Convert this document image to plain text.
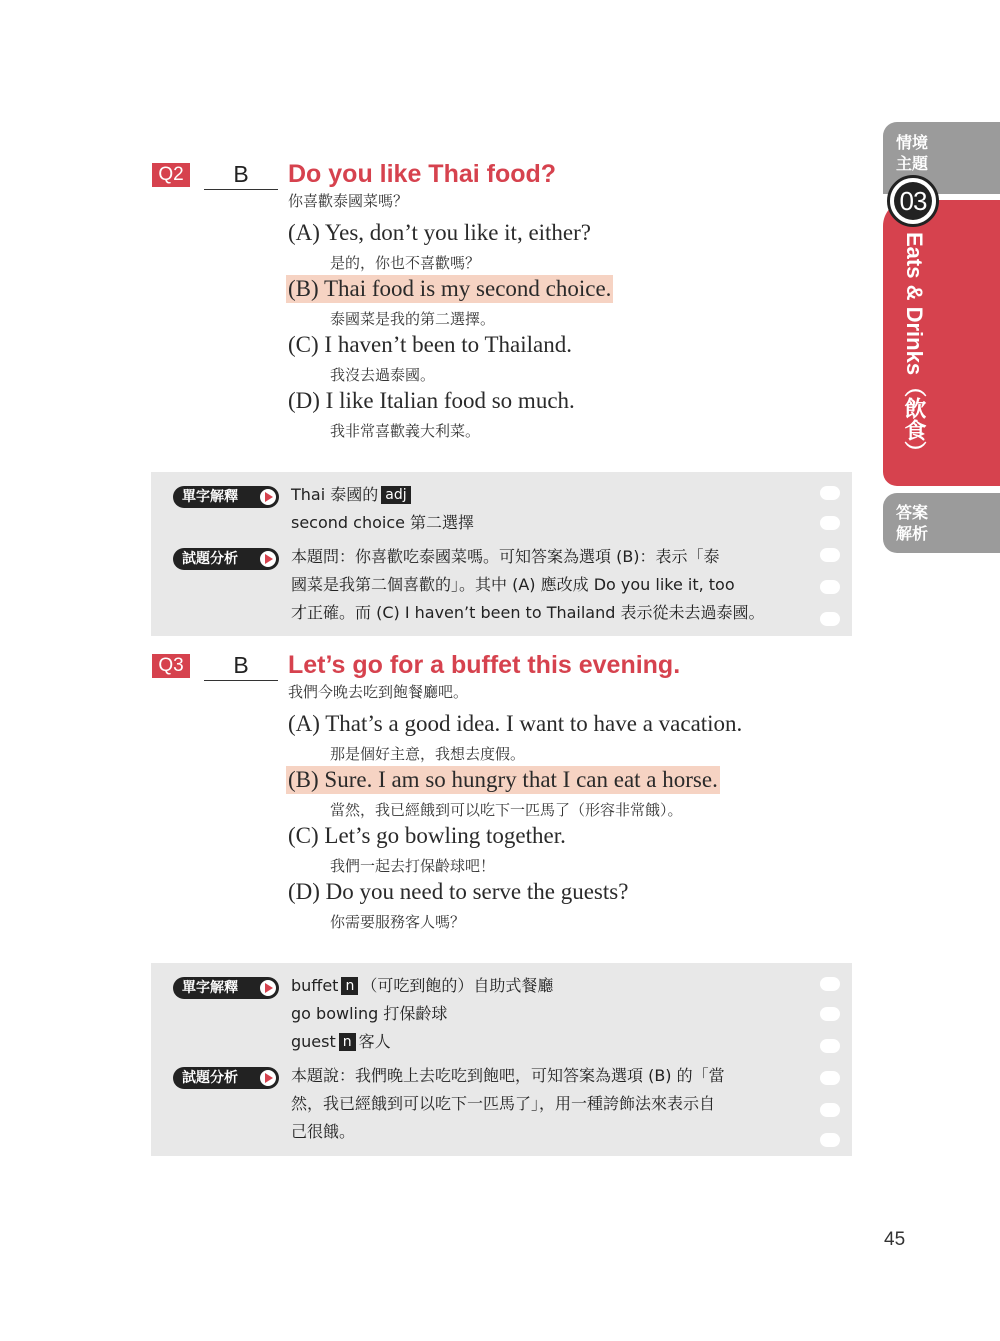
Q2	B	Do you like Thai food?
你喜歡泰國菜嗎？
(A) Yes, don’t you like it, either?
是的，你也不喜歡嗎？
(B) Thai food is my second choice.
泰國菜是我的第二選擇。
(C) I haven’t been to Thailand.
我沒去過泰國。
(D) I like Italian food so much.
我非常喜歡義大利菜。
單字解釋	Thai 泰國的 adj
second choice 第二選擇
試題分析	本題問：你喜歡吃泰國菜嗎。可知答案為選項 (B)：表示「泰
國菜是我第二個喜歡的」。其中 (A) 應改成 Do you like it, too
才正確。而 (C) I haven’t been to Thailand 表示從未去過泰國。
Q3	B	Let’s go for a buffet this evening.
我們今晚去吃到飽餐廳吧。
(A) That’s a good idea. I want to have a vacation.
那是個好主意，我想去度假。
(B) Sure. I am so hungry that I can eat a horse.
當然，我已經餓到可以吃下一匹馬了（形容非常餓）。
(C) Let’s go bowling together.
我們一起去打保齡球吧！
(D) Do you need to serve the guests?
你需要服務客人嗎？
單字解釋	buffet n （可吃到飽的）自助式餐廳
go bowling 打保齡球
guest n 客人
試題分析	本題說：我們晚上去吃吃到飽吧，可知答案為選項 (B) 的「當
然，我已經餓到可以吃下一匹馬了」，用一種誇飾法來表示自
己很餓。
情境
主題
03
Eats & Drinks（飲食）
答案
解析
45
